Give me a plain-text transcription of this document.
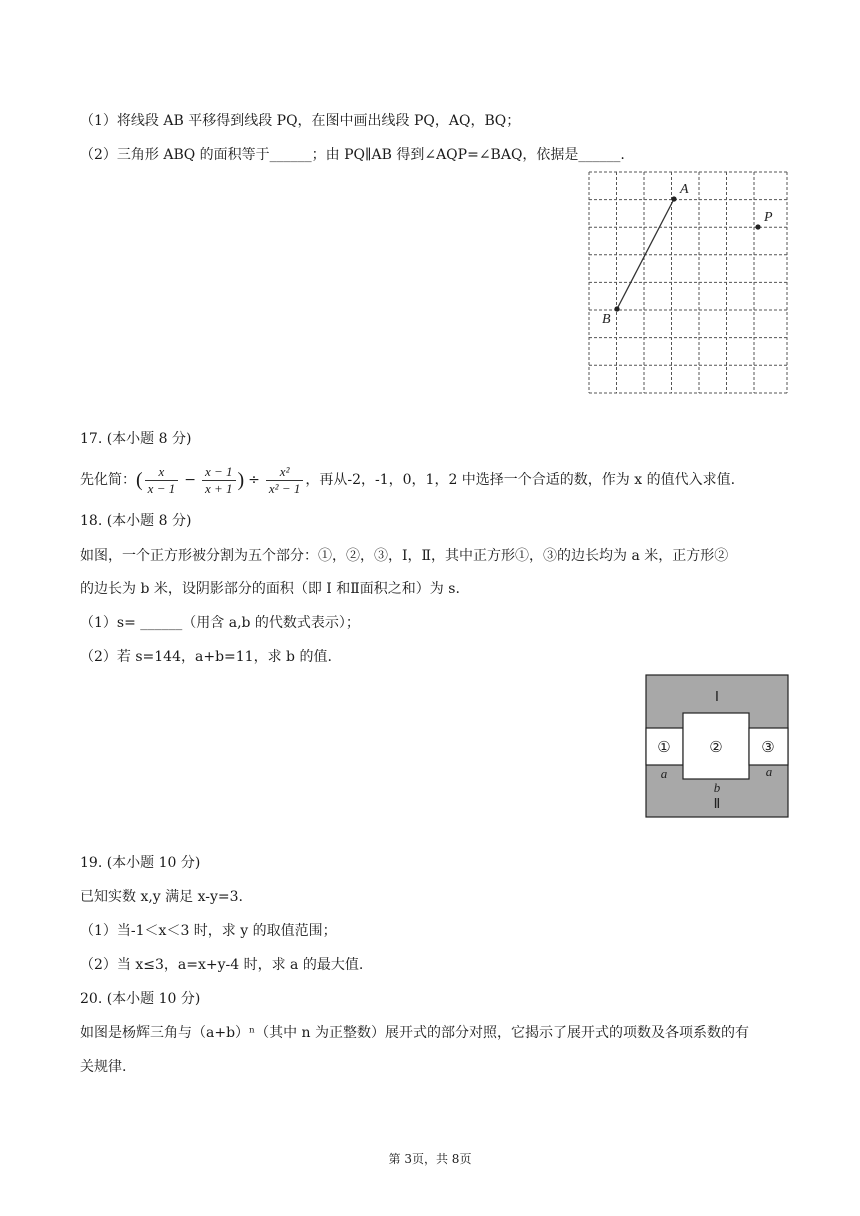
（1）将线段 AB 平移得到线段 PQ，在图中画出线段 PQ，AQ，BQ；
（2）三角形 ABQ 的面积等于______；由 PQ∥AB 得到∠AQP=∠BAQ，依据是______.
A
B
P
17. (本小题 8 分)
先化简：( $\frac{x}{x - 1} - \frac{x - 1}{x + 1}$ ) ÷ $\frac{\text{x²}}{\text{x² − 1}}$ ，再从-2，-1，0，1，2 中选择一个合适的数，作为 x 的值代入求值.
18. (本小题 8 分)
如图，一个正方形被分割为五个部分：①，②，③，I，Ⅱ，其中正方形①，③的边长均为 a 米，正方形②
的边长为 b 米，设阴影部分的面积（即 I 和Ⅱ面积之和）为 s.
（1）s= ______（用含 a,b 的代数式表示）；
（2）若 s=144，a+b=11，求 b 的值.
Ⅰ
①	②	③
a	a
b
Ⅱ
19. (本小题 10 分)
已知实数 x,y 满足 x-y=3.
（1）当-1＜x＜3 时，求 y 的取值范围；
（2）当 x≤3，a=x+y-4 时，求 a 的最大值.
20. (本小题 10 分)
如图是杨辉三角与（a+b）ⁿ（其中 n 为正整数）展开式的部分对照，它揭示了展开式的项数及各项系数的有
关规律.
第 3页，共 8页
